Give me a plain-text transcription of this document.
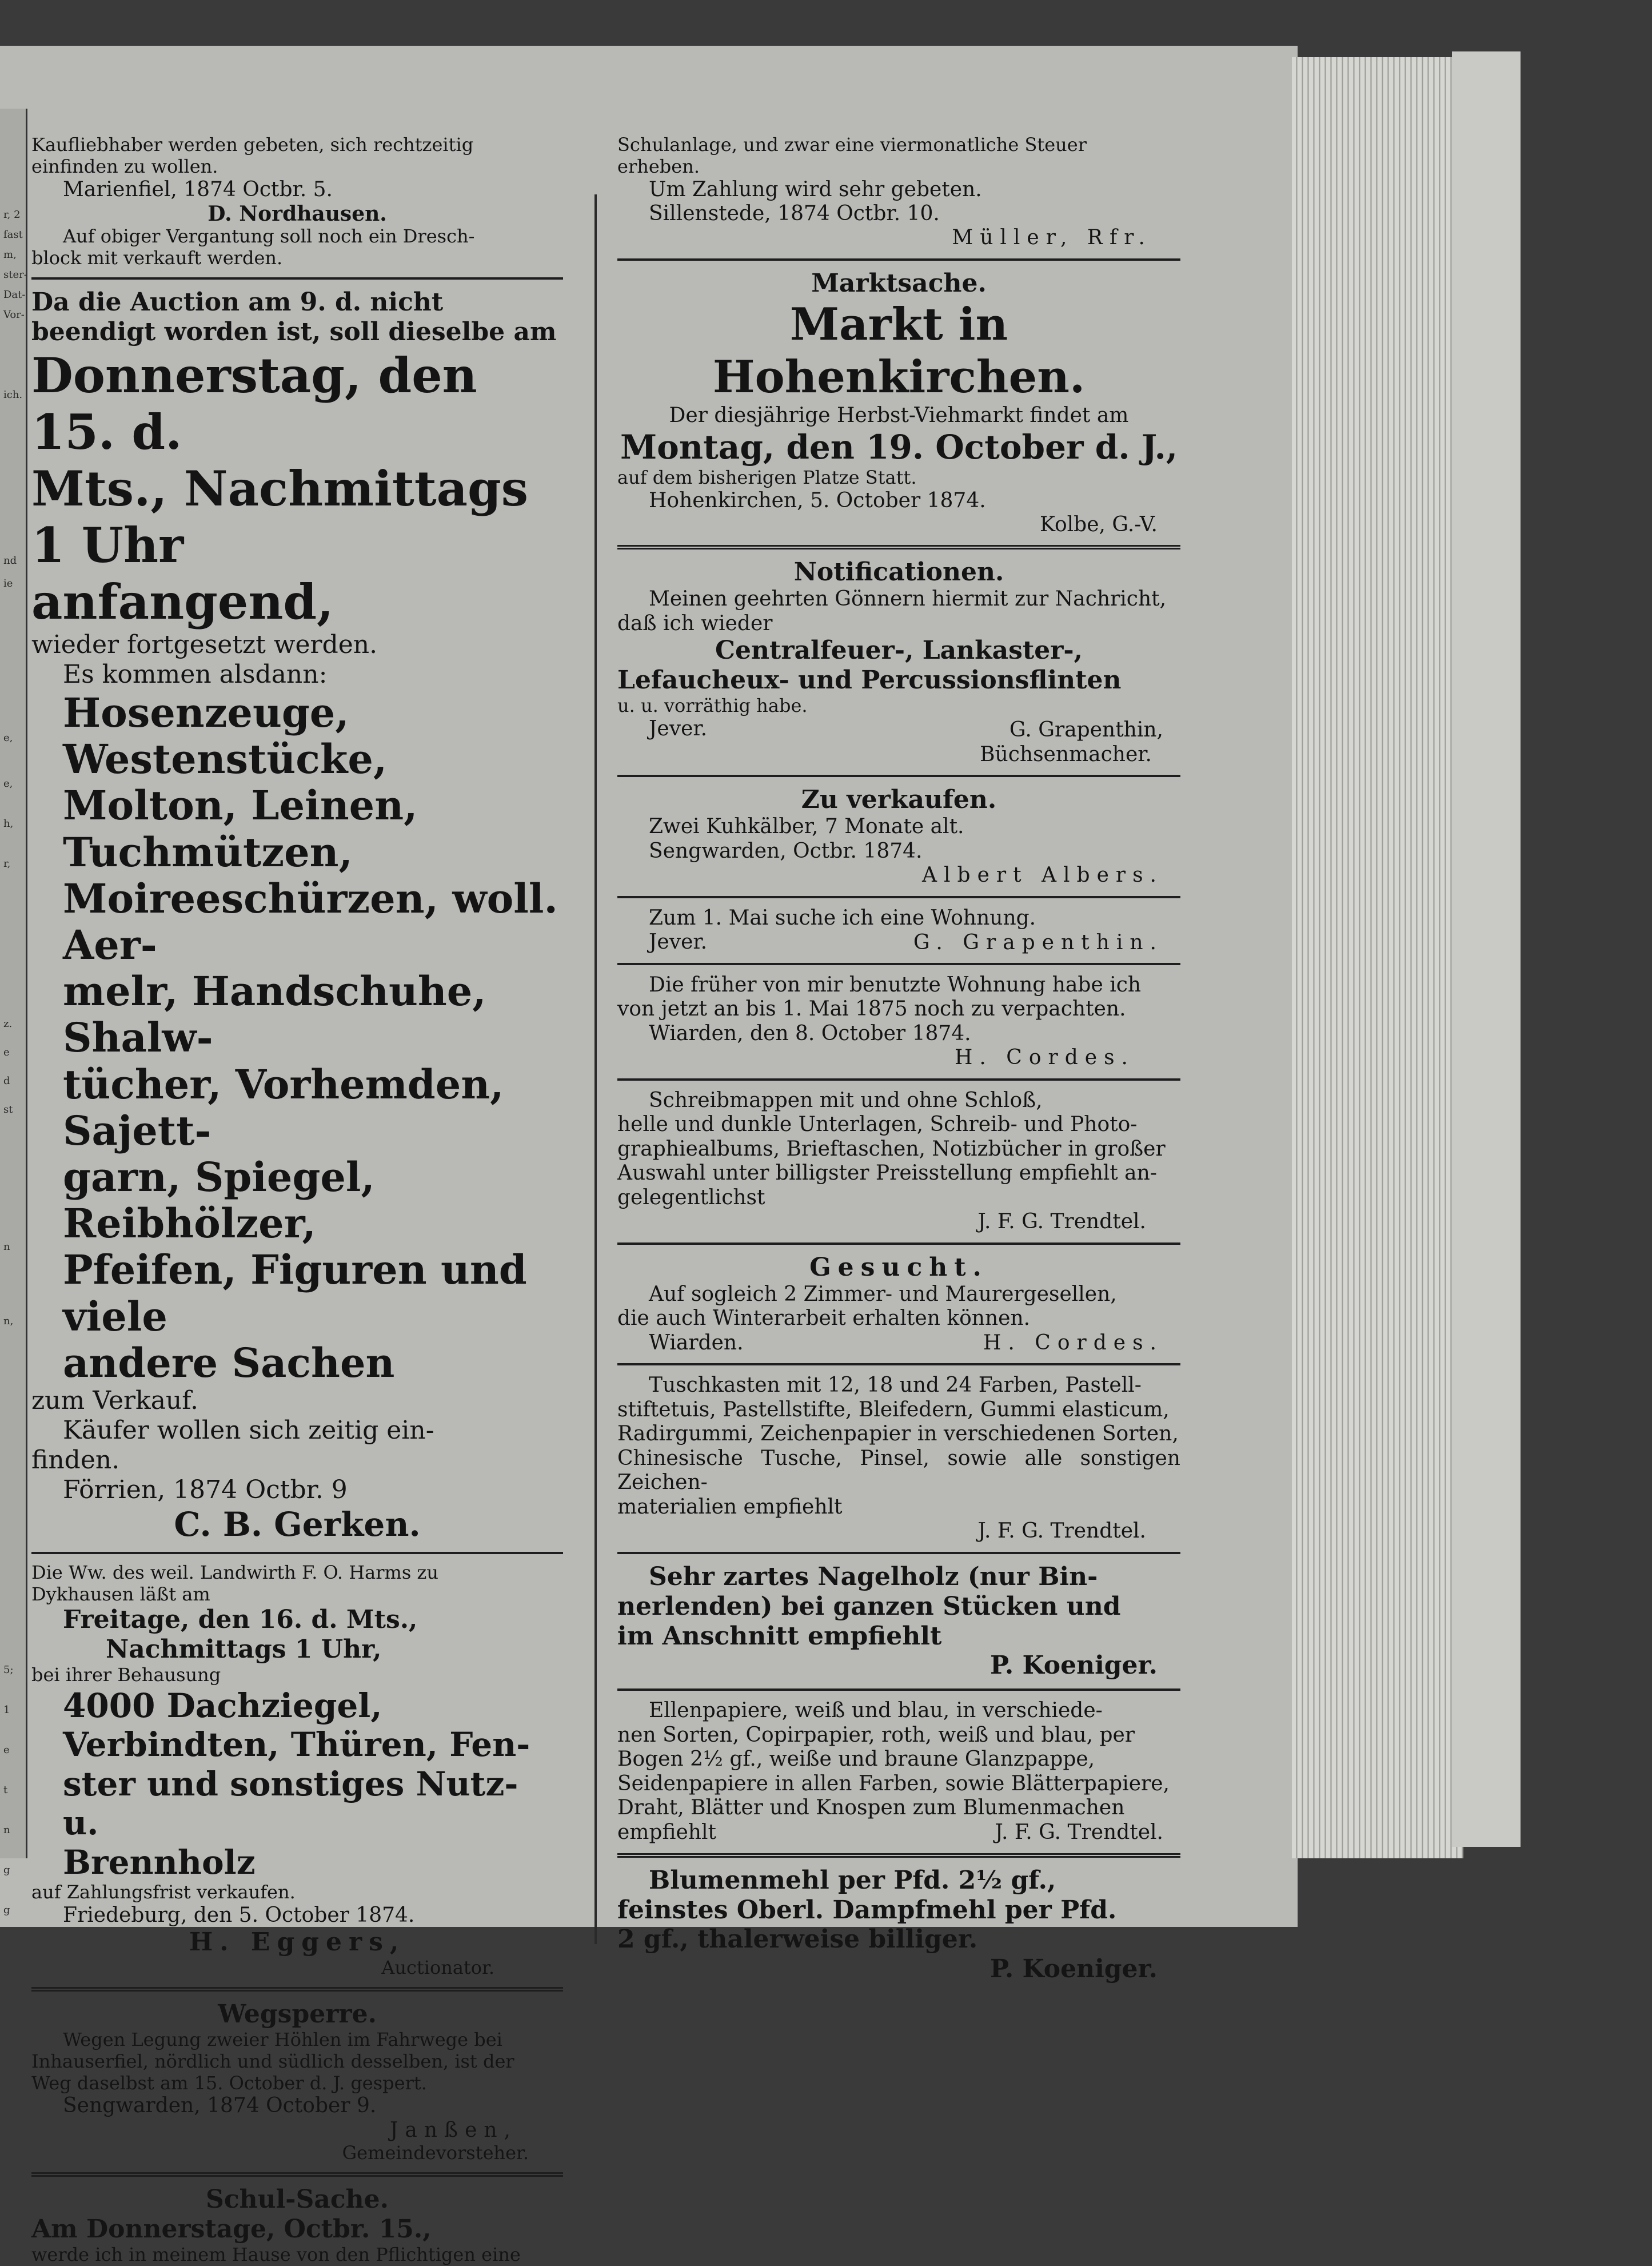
r, 2
fast
m,
ster-
Dat-
Vor-
ich.
nd
ie
e,
e,
h,
r,
z.
e
d
st
n
n,
5;
1
e
t
n
g
g

Kaufliebhaber werden gebeten, sich rechtzeitig

einfinden zu wollen.

Marienfiel, 1874 Octbr. 5.

D. Nordhausen.

Auf obiger Vergantung soll noch ein Dresch-

block mit verkauft werden.

Da die Auction am 9. d. nicht

beendigt worden ist, soll dieselbe am

Donnerstag, den 15. d.

Mts., Nachmittags 1 Uhr

anfangend,

wieder fortgesetzt werden.

Es kommen alsdann:

Hosenzeuge, Westenstücke,

Molton, Leinen, Tuchmützen,

Moireeschürzen, woll. Aer-

melr, Handschuhe, Shalw-

tücher, Vorhemden, Sajett-

garn, Spiegel, Reibhölzer,

Pfeifen, Figuren und viele

andere Sachen

zum Verkauf.

Käufer wollen sich zeitig ein-

finden.

Förrien, 1874 Octbr. 9

C. B. Gerken.

Die Ww. des weil. Landwirth F. O. Harms zu

Dykhausen läßt am

Freitage, den 16. d. Mts.,

Nachmittags 1 Uhr,

bei ihrer Behausung

4000 Dachziegel,

Verbindten, Thüren, Fen-

ster und sonstiges Nutz- u.

Brennholz

auf Zahlungsfrist verkaufen.

Friedeburg, den 5. October 1874.

H. Eggers,

Auctionator.

Wegsperre.

Wegen Legung zweier Höhlen im Fahrwege bei

Inhauserfiel, nördlich und südlich desselben, ist der

Weg daselbst am 15. October d. J. gespert.

Sengwarden, 1874 October 9.

Janßen,

Gemeindevorsteher.

Schul-Sache.

Am Donnerstage, Octbr. 15.,

werde ich in meinem Hause von den Pflichtigen eine

Schulanlage, und zwar eine viermonatliche Steuer

erheben.

Um Zahlung wird sehr gebeten.

Sillenstede, 1874 Octbr. 10.

Müller, Rfr.

Marktsache.

Markt in Hohenkirchen.

Der diesjährige Herbst-Viehmarkt findet am

Montag, den 19. October d. J.,

auf dem bisherigen Platze Statt.

Hohenkirchen, 5. October 1874.

Kolbe, G.-V.

Notificationen.

Meinen geehrten Gönnern hiermit zur Nachricht,

daß ich wieder

Centralfeuer-, Lankaster-,

Lefaucheux- und Percussionsflinten

u. u. vorräthig habe.

Jever.	G. Grapenthin,

Büchsenmacher.

Zu verkaufen.

Zwei Kuhkälber, 7 Monate alt.

Sengwarden, Octbr. 1874.

Albert Albers.

Zum 1. Mai suche ich eine Wohnung.

Jever.	G. Grapenthin.

Die früher von mir benutzte Wohnung habe ich

von jetzt an bis 1. Mai 1875 noch zu verpachten.

Wiarden, den 8. October 1874.

H. Cordes.

Schreibmappen mit und ohne Schloß,

helle und dunkle Unterlagen, Schreib- und Photo-

graphiealbums, Brieftaschen, Notizbücher in großer

Auswahl unter billigster Preisstellung empfiehlt an-

gelegentlichst

J. F. G. Trendtel.

Gesucht.

Auf sogleich 2 Zimmer- und Maurergesellen,

die auch Winterarbeit erhalten können.

Wiarden.	H. Cordes.

Tuschkasten mit 12, 18 und 24 Farben, Pastell-

stiftetuis, Pastellstifte, Bleifedern, Gummi elasticum,

Radirgummi, Zeichenpapier in verschiedenen Sorten,

Chinesische Tusche, Pinsel, sowie alle sonstigen Zeichen-

materialien empfiehlt

J. F. G. Trendtel.

Sehr zartes Nagelholz (nur Bin-

nerlenden) bei ganzen Stücken und

im Anschnitt empfiehlt

P. Koeniger.

Ellenpapiere, weiß und blau, in verschiede-

nen Sorten, Copirpapier, roth, weiß und blau, per

Bogen 2½ gf., weiße und braune Glanzpappe,

Seidenpapiere in allen Farben, sowie Blätterpapiere,

Draht, Blätter und Knospen zum Blumenmachen

empfiehlt	J. F. G. Trendtel.

Blumenmehl per Pfd. 2½ gf.,

feinstes Oberl. Dampfmehl per Pfd.

2 gf., thalerweise billiger.

P. Koeniger.
